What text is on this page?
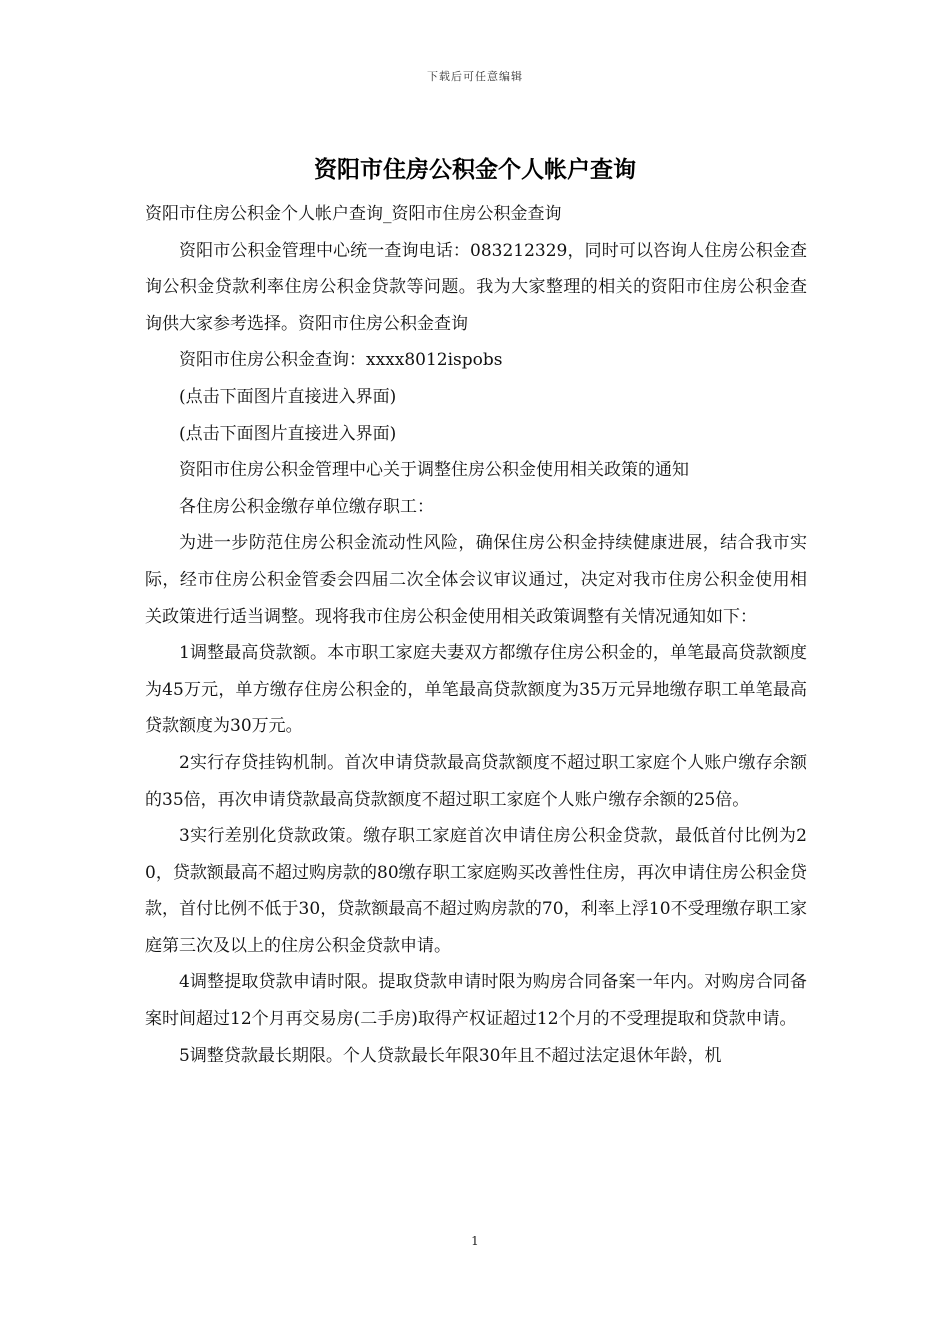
下载后可任意编辑
资阳市住房公积金个人帐户查询

资阳市住房公积金个人帐户查询_资阳市住房公积金查询

资阳市公积金管理中心统一查询电话：083212329，同时可以咨询人住房公积金查询公积金贷款利率住房公积金贷款等问题。我为大家整理的相关的资阳市住房公积金查询供大家参考选择。资阳市住房公积金查询

资阳市住房公积金查询：xxxx8012ispobs

(点击下面图片直接进入界面)

(点击下面图片直接进入界面)

资阳市住房公积金管理中心关于调整住房公积金使用相关政策的通知

各住房公积金缴存单位缴存职工：

为进一步防范住房公积金流动性风险，确保住房公积金持续健康进展，结合我市实际，经市住房公积金管委会四届二次全体会议审议通过，决定对我市住房公积金使用相关政策进行适当调整。现将我市住房公积金使用相关政策调整有关情况通知如下：

1调整最高贷款额。本市职工家庭夫妻双方都缴存住房公积金的，单笔最高贷款额度为45万元，单方缴存住房公积金的，单笔最高贷款额度为35万元异地缴存职工单笔最高贷款额度为30万元。

2实行存贷挂钩机制。首次申请贷款最高贷款额度不超过职工家庭个人账户缴存余额的35倍，再次申请贷款最高贷款额度不超过职工家庭个人账户缴存余额的25倍。

3实行差别化贷款政策。缴存职工家庭首次申请住房公积金贷款，最低首付比例为20，贷款额最高不超过购房款的80缴存职工家庭购买改善性住房，再次申请住房公积金贷款，首付比例不低于30，贷款额最高不超过购房款的70，利率上浮10不受理缴存职工家庭第三次及以上的住房公积金贷款申请。

4调整提取贷款申请时限。提取贷款申请时限为购房合同备案一年内。对购房合同备案时间超过12个月再交易房(二手房)取得产权证超过12个月的不受理提取和贷款申请。

5调整贷款最长期限。个人贷款最长年限30年且不超过法定退休年龄，机

1
